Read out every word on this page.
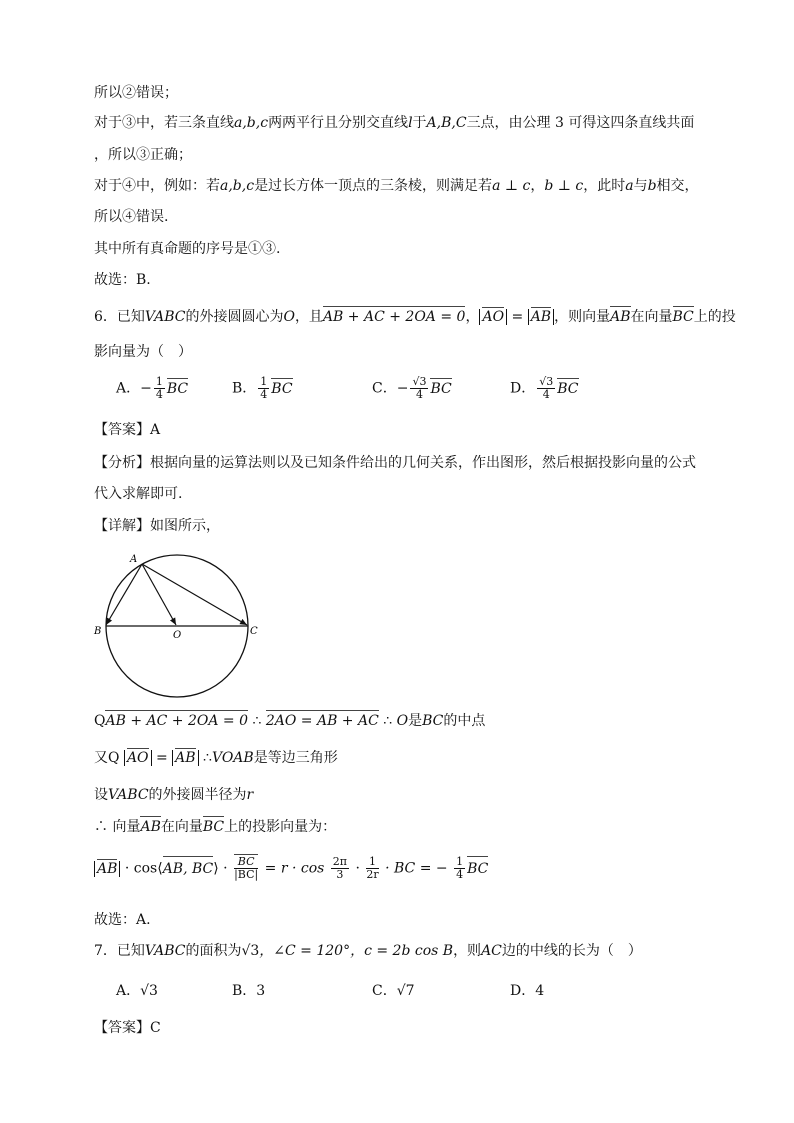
所以②错误；
对于③中，若三条直线a,b,c两两平行且分别交直线l于A,B,C三点，由公理 3 可得这四条直线共面
，所以③正确；
对于④中，例如：若a,b,c是过长方体一顶点的三条棱，则满足若a ⊥ c，b ⊥ c，此时a与b相交，
所以④错误.
其中所有真命题的序号是①③.
故选：B.
6．已知VABC的外接圆圆心为O，且AB + AC + 2OA = 0， AO = AB ，则向量AB在向量BC上的投
影向量为（　）
A．− $\frac{1}{4}$ BC	B． $\frac{1}{4}$ BC	C．− $\frac{√3}{4}$ BC	D． $\frac{√3}{4}$ BC
【答案】A
【分析】根据向量的运算法则以及已知条件给出的几何关系，作出图形，然后根据投影向量的公式
代入求解即可.
【详解】如图所示，
A
B	C
O
QAB + AC + 2OA = 0 ∴ 2AO = AB + AC ∴ O是BC的中点
又Q AO = AB ∴VOAB是等边三角形
设VABC的外接圆半径为r
∴ 向量AB在向量BC上的投影向量为：
AB · cos⟨AB, BC⟩ · $\frac{BC}{|BC|} = r \cdot \cos \frac{2\pi}{3} \cdot \frac{1}{2r}$ · BC = − $\frac{1}{4}$ BC
故选：A.
7．已知VABC的面积为√3，∠C = 120°，c = 2b cos B，则AC边的中线的长为（　）
A．√3	B．3	C．√7	D．4
【答案】C
